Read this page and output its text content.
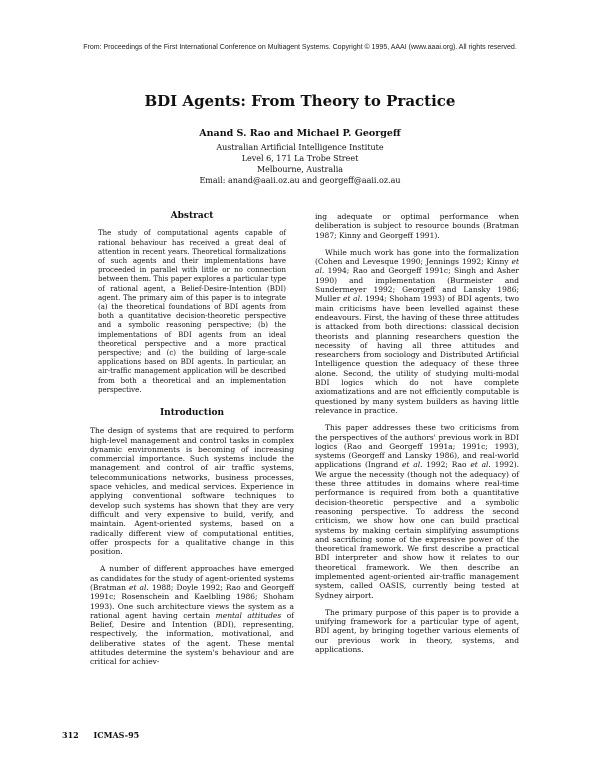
From: Proceedings of the First International Conference on Multiagent Systems. Copyright © 1995, AAAI (www.aaai.org). All rights reserved.
BDI Agents: From Theory to Practice
Anand S. Rao and Michael P. Georgeff
Australian Artificial Intelligence Institute
Level 6, 171 La Trobe Street
Melbourne, Australia
Email: anand@aaii.oz.au and georgeff@aaii.oz.au
Abstract

The study of computational agents capable of rational behaviour has received a great deal of attention in recent years. Theoretical formalizations of such agents and their implementations have proceeded in parallel with little or no connection between them. This paper explores a particular type of rational agent, a Belief-Desire-Intention (BDI) agent. The primary aim of this paper is to integrate (a) the theoretical foundations of BDI agents from both a quantitative decision-theoretic perspective and a symbolic reasoning perspective; (b) the implementations of BDI agents from an ideal theoretical perspective and a more practical perspective; and (c) the building of large-scale applications based on BDI agents. In particular, an air-traffic management application will be described from both a theoretical and an implementation perspective.

Introduction

The design of systems that are required to perform high-level management and control tasks in complex dynamic environments is becoming of increasing commercial importance. Such systems include the management and control of air traffic systems, telecommunications networks, business processes, space vehicles, and medical services. Experience in applying conventional software techniques to develop such systems has shown that they are very difficult and very expensive to build, verify, and maintain. Agent-oriented systems, based on a radically different view of computational entities, offer prospects for a qualitative change in this position.

A number of different approaches have emerged as candidates for the study of agent-oriented systems (Bratman et al. 1988; Doyle 1992; Rao and Georgeff 1991c; Rosenschein and Kaelbling 1986; Shoham 1993). One such architecture views the system as a rational agent having certain mental attitudes of Belief, Desire and Intention (BDI), representing, respectively, the information, motivational, and deliberative states of the agent. These mental attitudes determine the system's behaviour and are critical for achiev-

ing adequate or optimal performance when deliberation is subject to resource bounds (Bratman 1987; Kinny and Georgeff 1991).

While much work has gone into the formalization (Cohen and Levesque 1990; Jennings 1992; Kinny et al. 1994; Rao and Georgeff 1991c; Singh and Asher 1990) and implementation (Burmeister and Sundermeyer 1992; Georgeff and Lansky 1986; Muller et al. 1994; Shoham 1993) of BDI agents, two main criticisms have been levelled against these endeavours. First, the having of these three attitudes is attacked from both directions: classical decision theorists and planning researchers question the necessity of having all three attitudes and researchers from sociology and Distributed Artificial Intelligence question the adequacy of these three alone. Second, the utility of studying multi-modal BDI logics which do not have complete axiomatizations and are not efficiently computable is questioned by many system builders as having little relevance in practice.

This paper addresses these two criticisms from the perspectives of the authors' previous work in BDI logics (Rao and Georgeff 1991a; 1991c; 1993), systems (Georgeff and Lansky 1986), and real-world applications (Ingrand et al. 1992; Rao et al. 1992). We argue the necessity (though not the adequacy) of these three attitudes in domains where real-time performance is required from both a quantitative decision-theoretic perspective and a symbolic reasoning perspective. To address the second criticism, we show how one can build practical systems by making certain simplifying assumptions and sacrificing some of the expressive power of the theoretical framework. We first describe a practical BDI interpreter and show how it relates to our theoretical framework. We then describe an implemented agent-oriented air-traffic management system, called OASIS, currently being tested at Sydney airport.

The primary purpose of this paper is to provide a unifying framework for a particular type of agent, BDI agent, by bringing together various elements of our previous work in theory, systems, and applications.

312 ICMAS-95
